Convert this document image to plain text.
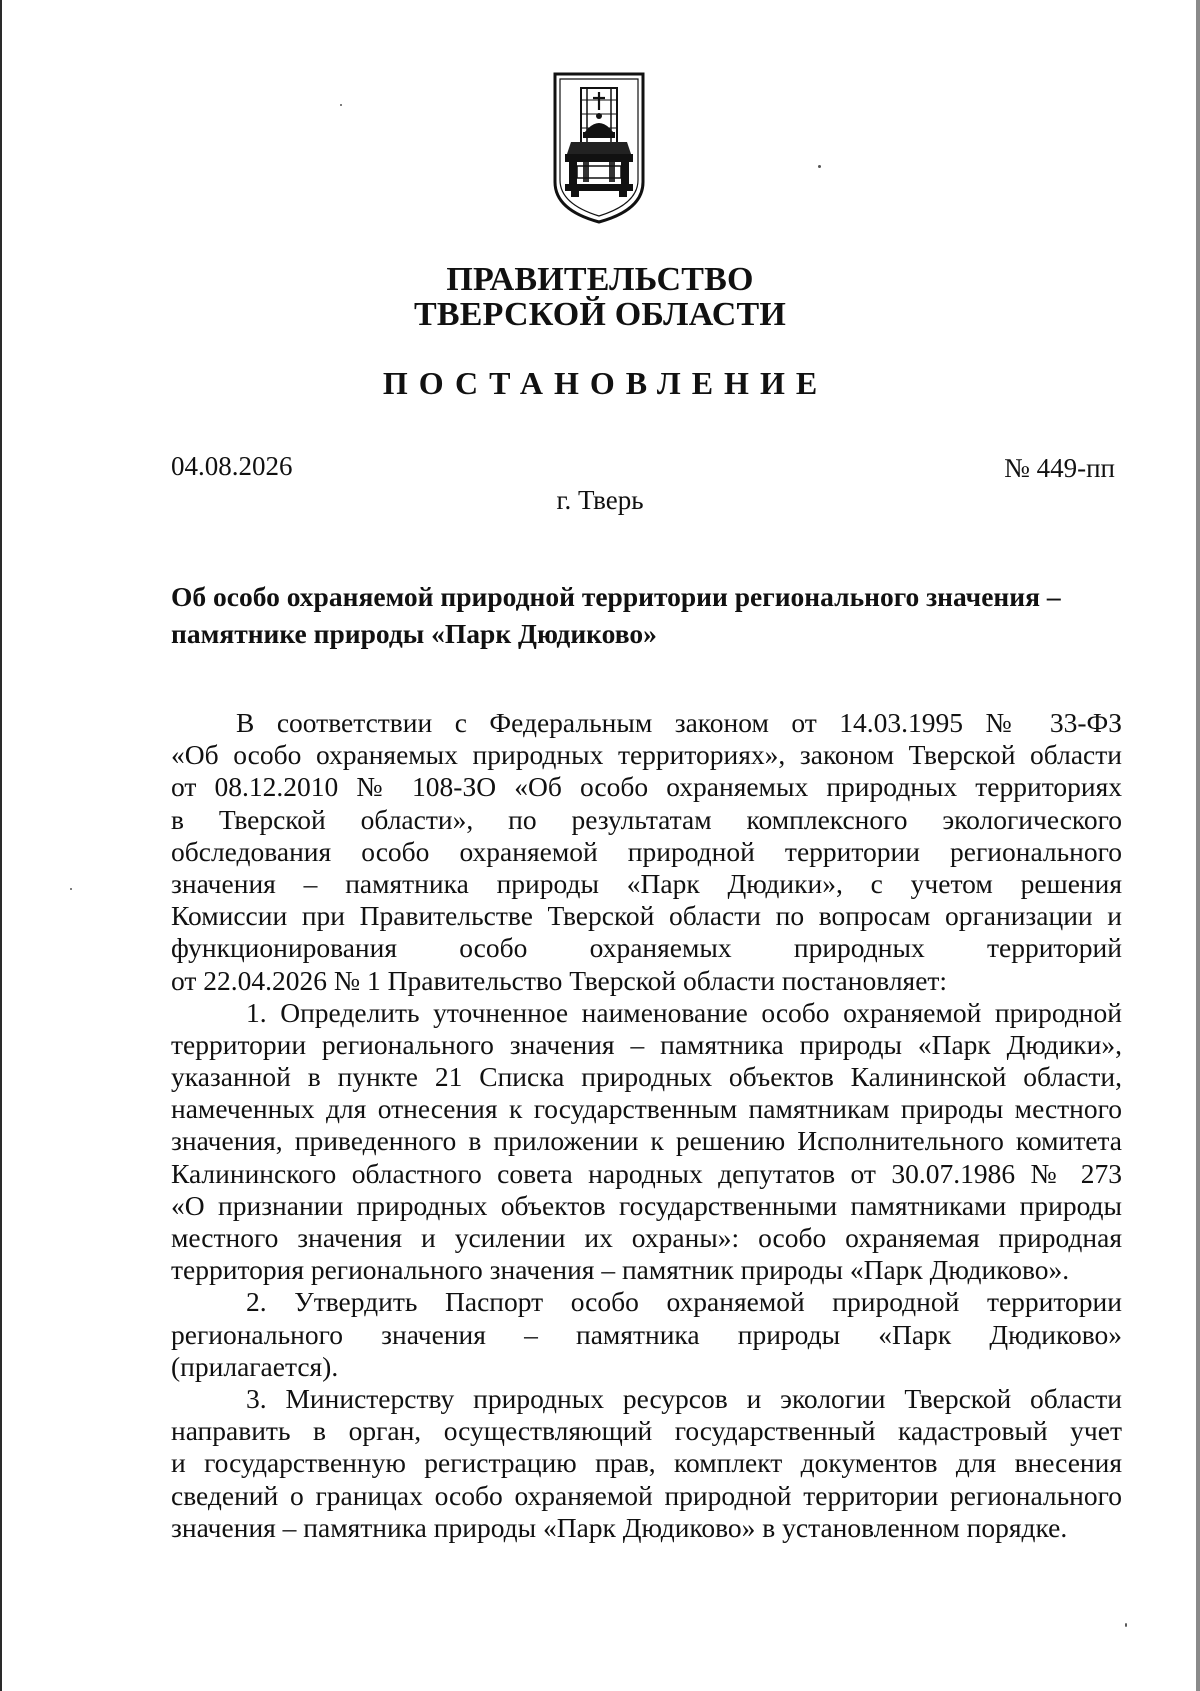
ПРАВИТЕЛЬСТВО
ТВЕРСКОЙ ОБЛАСТИ
ПОСТАНОВЛЕНИЕ
04.08.2026	№ 449-пп
г. Тверь
Об особо охраняемой природной территории регионального значения –
памятнике природы «Парк Дюдиково»
В соответствии с Федеральным законом от 14.03.1995 № 33-ФЗ
«Об особо охраняемых природных территориях», законом Тверской области
от 08.12.2010 № 108-ЗО «Об особо охраняемых природных территориях
в Тверской области», по результатам комплексного экологического
обследования особо охраняемой природной территории регионального
значения – памятника природы «Парк Дюдики», с учетом решения
Комиссии при Правительстве Тверской области по вопросам организации и
функционирования особо охраняемых природных территорий
от 22.04.2026 № 1 Правительство Тверской области постановляет:
1. Определить уточненное наименование особо охраняемой природной
территории регионального значения – памятника природы «Парк Дюдики»,
указанной в пункте 21 Списка природных объектов Калининской области,
намеченных для отнесения к государственным памятникам природы местного
значения, приведенного в приложении к решению Исполнительного комитета
Калининского областного совета народных депутатов от 30.07.1986 № 273
«О признании природных объектов государственными памятниками природы
местного значения и усилении их охраны»: особо охраняемая природная
территория регионального значения – памятник природы «Парк Дюдиково».
2. Утвердить Паспорт особо охраняемой природной территории
регионального значения – памятника природы «Парк Дюдиково»
(прилагается).
3. Министерству природных ресурсов и экологии Тверской области
направить в орган, осуществляющий государственный кадастровый учет
и государственную регистрацию прав, комплект документов для внесения
сведений о границах особо охраняемой природной территории регионального
значения – памятника природы «Парк Дюдиково» в установленном порядке.
